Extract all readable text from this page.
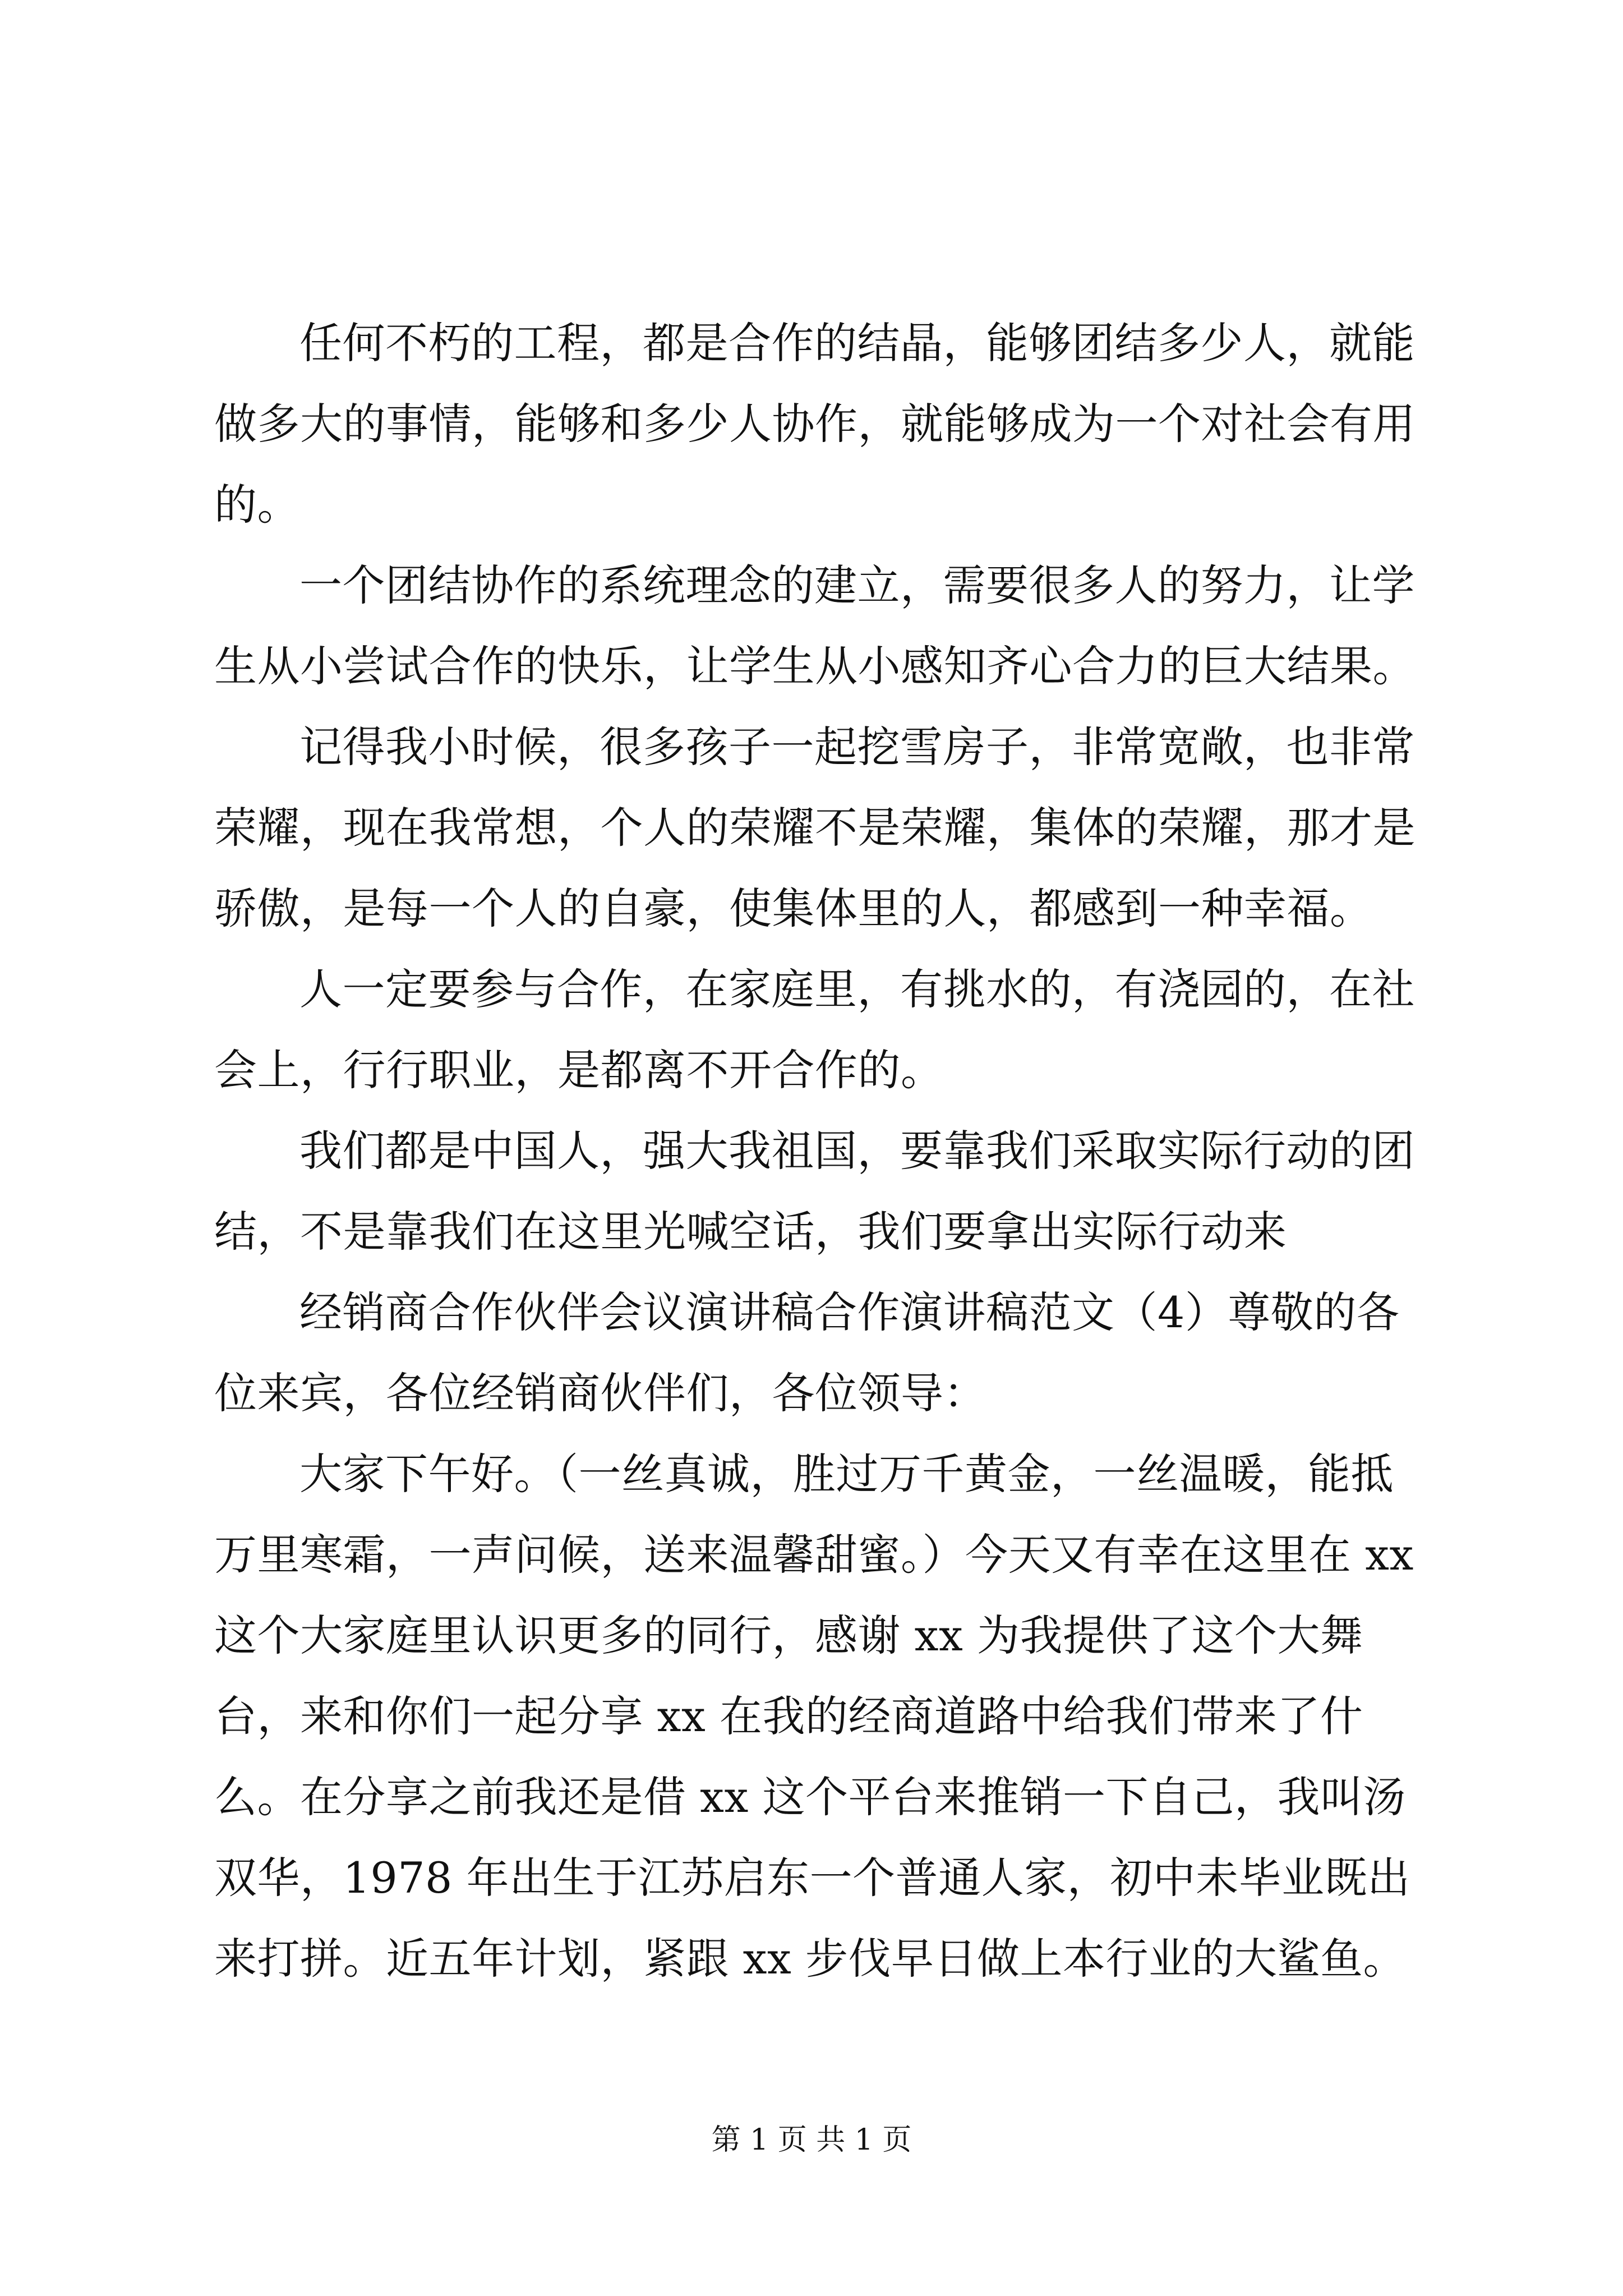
任何不朽的工程，都是合作的结晶，能够团结多少人，就能做多大的事情，能够和多少人协作，就能够成为一个对社会有用的。

一个团结协作的系统理念的建立，需要很多人的努力，让学生从小尝试合作的快乐，让学生从小感知齐心合力的巨大结果。

记得我小时候，很多孩子一起挖雪房子，非常宽敞，也非常荣耀，现在我常想，个人的荣耀不是荣耀，集体的荣耀，那才是骄傲，是每一个人的自豪，使集体里的人，都感到一种幸福。

人一定要参与合作，在家庭里，有挑水的，有浇园的，在社会上，行行职业，是都离不开合作的。

我们都是中国人，强大我祖国，要靠我们采取实际行动的团结，不是靠我们在这里光喊空话，我们要拿出实际行动来

经销商合作伙伴会议演讲稿合作演讲稿范文（4）尊敬的各位来宾，各位经销商伙伴们，各位领导：

大家下午好。（一丝真诚，胜过万千黄金，一丝温暖，能抵万里寒霜，一声问候，送来温馨甜蜜。）今天又有幸在这里在 xx 这个大家庭里认识更多的同行，感谢 xx 为我提供了这个大舞台，来和你们一起分享 xx 在我的经商道路中给我们带来了什么。在分享之前我还是借 xx 这个平台来推销一下自己，我叫汤双华，1978 年出生于江苏启东一个普通人家，初中未毕业既出来打拼。近五年计划，紧跟 xx 步伐早日做上本行业的大鲨鱼。

第 1 页 共 1 页
